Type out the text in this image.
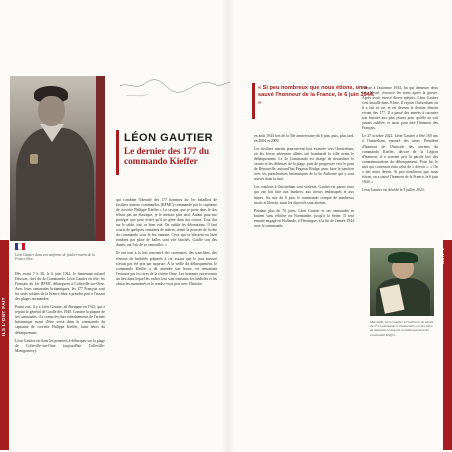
ILS L'ONT FAIT
6 JUIN
22	23

Léon Gautier dans son uniforme de fusilier-marin de la France libre.

LÉON GAUTIER
Le dernier des 177 du commando Kieffer

Dès avant 7 h 30, le 6 juin 1944, le lieutenant-colonel Dawson, chef du 4e Commando, Léon Gautier en tête, les Français du 1er BFMC débarquent à Colleville-sur-Orne. Avec leurs camarades britanniques, les 177 Français sont les seuls soldats de la France libre à prendre part à l'assaut des plages normandes.

Parmi eux, il y a Léon Gautier, né Bretagne en 1922, qui a rejoint le général de Gaulle dès 1940. Comme la plupart de ses camarades, il a connu les durs entraînements de l'armée britannique avant d'être versé dans le commando du capitaine de corvette Philippe Kieffer, futur héros du débarquement.

Léon Gautier est dans les premiers à débarquer sur la plage de Colleville-sur-Orne (aujourd'hui Colleville-Montgomery).

qui combine l'identité des 177 hommes du 1er bataillon de fusiliers marins commandos (BFMC) commandé par le capitaine de corvette Philippe Kieffer « La casque, que je porte dans le dos n'était pas un élastique; je le mettais plus tard. Autant pour me protéger que pour éviter qu'il ne gêne dans ma course. Tout dur sur le sable, tout ce bien vite. On oublie les détonations. Il faut courir de quelques centaines de mètres, tenter la poussée de la tête du commando sous le feu ennemi. Ceux qui se blessent ou bien tombent par pluie de balles sont vite fauchés. Gaulle sort des dunes, ont l'air de se camoufler. »

Ils ont tout à la fois rencontré des casemates, des tranchées, des réseaux de barbelés préparés à cet assaut que le jour mesuré n'avait pas été pris par surprise. À la veille du débarquement, le commando Kieffer a dû attendre son heure, en remontant l'estuaire par les rives de la rivière Orne. Les hommes ont reconnu un lieu dans lequel les ordres leur sont transmis, les barbelés et les obstacles surmontés et le rendez-vous pris avec l'histoire.

« Si peu nombreux que nous étions, on a sauvé l'honneur de la France, le 6 juin 1944. »

en août 1944 lors de la 50e anniversaire du 6 juin, puis, plus tard, en 2004 et 2009.

Les fusiliers marins poursuivent leur avancée vers Ouistreham, où les forces aériennes alliées ont bombardé la ville avant le débarquement. Le 4e Commando est chargé de neutraliser le casino et les défenses de la plage, puis de progresser vers le pont de Bénouville, aujourd'hui Pegasus Bridge, pour faire la jonction avec les parachutistes britanniques de la 6e Airborne qui y sont arrivés dans la nuit.

Les combats à Ouistreham sont violents. Gautier est parmi ceux qui ont fait face aux bunkers, aux tireurs embusqués et aux mines. Au soir du 6 juin, le commando compte de nombreux morts et blessés, mais les objectifs sont atteints.

Pendant plus de 70 jours, Léon Gautier et ses camarades se battent sans relâche en Normandie, jusqu'à la Seine. Il sera ensuite engagé en Hollande, à Flessingue, à la fin de l'année 1944 avec le commando.

Blessé à l'automne 1944, lui qui demeure deux fois blessé, retrouve les siens après la guerre. Après avoir exercé divers métiers, Léon Gautier s'est installé dans l'Orne. Il rejoint Ouistreham où il a fait sa vie, et est devenu le dernier témoin vivant des 177. Il a passé des années à raconter son histoire aux plus jeunes pour qu'elle ne soit jamais oubliée, et aussi pour dire l'honneur des Français.

Le 27 octobre 2022, Léon Gautier a fêté 100 ans à Ouistreham, entouré des siens. Président d'honneur de l'Amicale des anciens du commando Kieffer, décoré de la Légion d'honneur, il a souvent pris la parole lors des commémorations du débarquement. Pour lui, le mot qui convenait était celui de « devoir ». « On a fait notre devoir. Si peu nombreux que nous étions, on a sauvé l'honneur de la France, le 6 juin 1944. »

Léon Gautier est décédé le 3 juillet 2023.

Mai 2009. Léon Gautier à l'intérieur du musée du n°4 Commando à Ouistreham, un des lieux de mémoire consacrés au débarquement du commando Kieffer.
